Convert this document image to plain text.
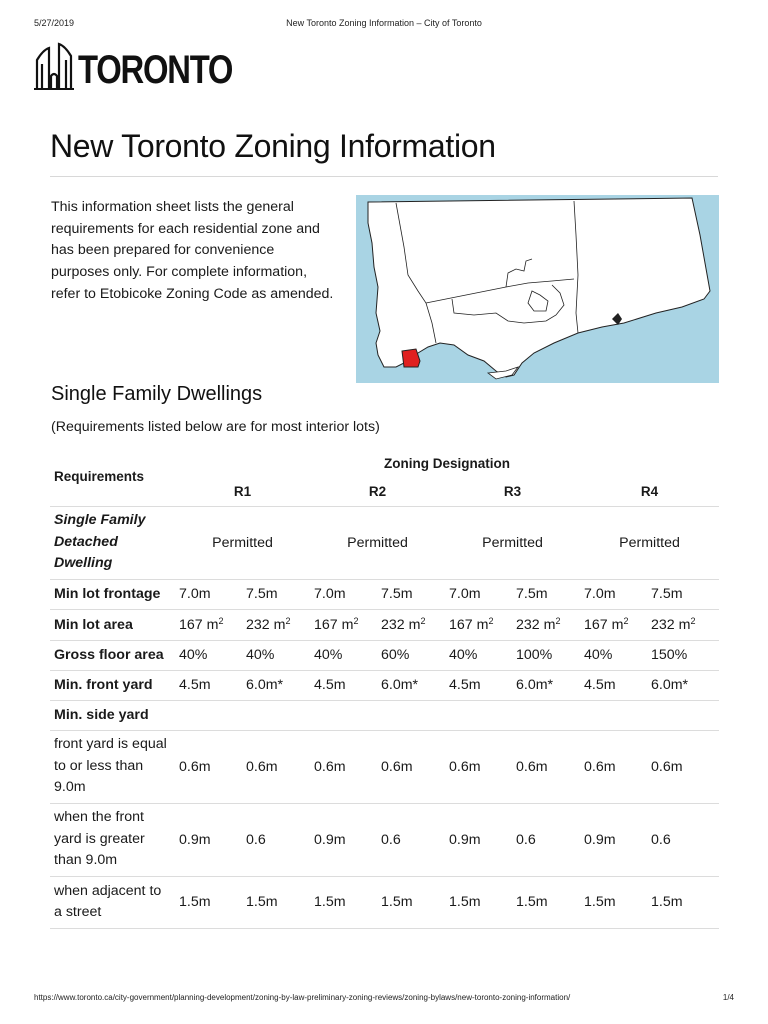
5/27/2019	New Toronto Zoning Information – City of Toronto
TORONTO
New Toronto Zoning Information

This information sheet lists the general requirements for each residential zone and has been prepared for convenience purposes only. For complete information, refer to Etobicoke Zoning Code as amended.

Single Family Dwellings

(Requirements listed below are for most interior lots)

Requirements	Zoning Designation							
	R1		R2		R3		R4	
Single Family Detached Dwelling	Permitted		Permitted		Permitted		Permitted	
Min lot frontage	7.0m	7.5m	7.0m	7.5m	7.0m	7.5m	7.0m	7.5m
Min lot area	167 $m^2$	232 $m^2$	167 $m^2$	232 $m^2$	167 $m^2$	232 $m^2$	167 $m^2$	232 $m^2$
Gross floor area	40%	40%	40%	60%	40%	100%	40%	150%
Min. front yard	4.5m	6.0m*	4.5m	6.0m*	4.5m	6.0m*	4.5m	6.0m*
Min. side yard								
front yard is equal to or less than 9.0m	0.6m	0.6m	0.6m	0.6m	0.6m	0.6m	0.6m	0.6m
when the front yard is greater than 9.0m	0.9m	0.6	0.9m	0.6	0.9m	0.6	0.9m	0.6
when adjacent to a street	1.5m	1.5m	1.5m	1.5m	1.5m	1.5m	1.5m	1.5m
https://www.toronto.ca/city-government/planning-development/zoning-by-law-preliminary-zoning-reviews/zoning-bylaws/new-toronto-zoning-information/	1/4
